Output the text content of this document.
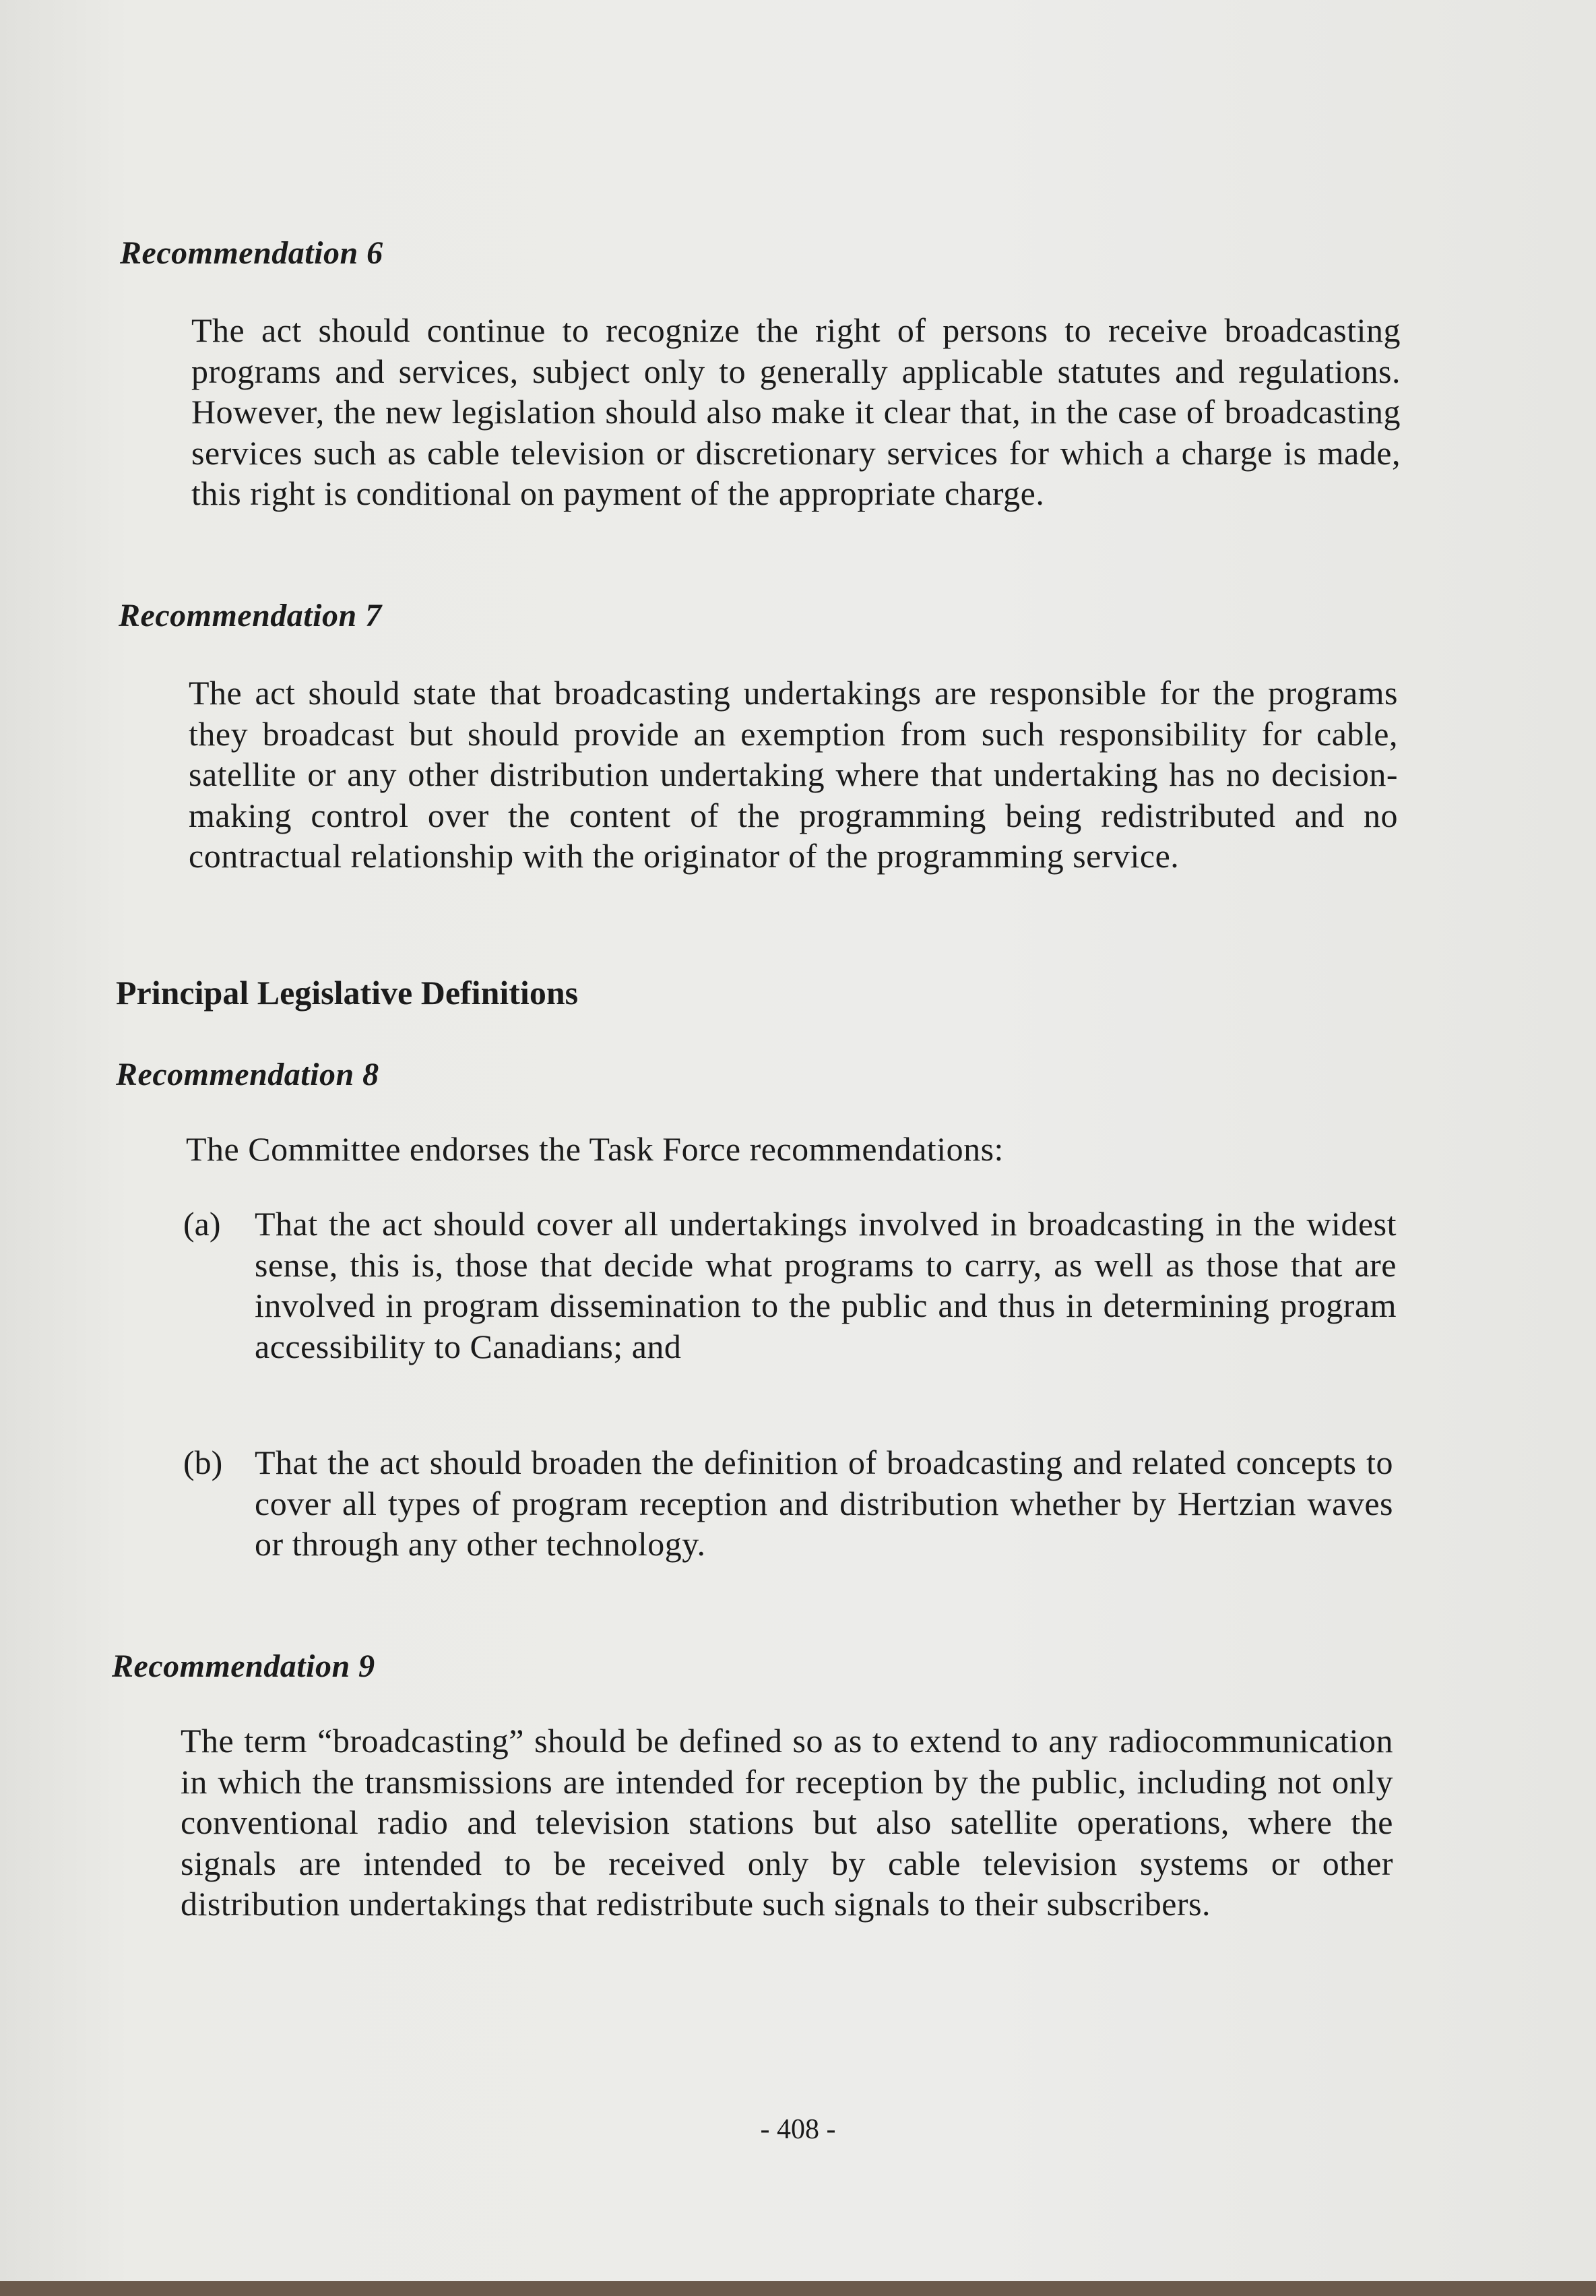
Recommendation 6
The act should continue to recognize the right of persons to receive broadcasting programs and services, subject only to generally applicable statutes and regulations. However, the new legislation should also make it clear that, in the case of broadcasting services such as cable television or discretionary services for which a charge is made, this right is conditional on payment of the appropriate charge.
Recommendation 7
The act should state that broadcasting undertakings are responsible for the programs they broadcast but should provide an exemption from such responsibility for cable, satellite or any other distribution undertaking where that undertaking has no decision-making control over the content of the programming being redistributed and no contractual relationship with the originator of the programming service.
Principal Legislative Definitions
Recommendation 8
The Committee endorses the Task Force recommendations:
(a) That the act should cover all undertakings involved in broadcasting in the widest sense, this is, those that decide what programs to carry, as well as those that are involved in program dissemination to the public and thus in determining program accessibility to Canadians; and
(b) That the act should broaden the definition of broadcasting and related concepts to cover all types of program reception and distribution whether by Hertzian waves or through any other technology.
Recommendation 9
The term “broadcasting” should be defined so as to extend to any radiocommunication in which the transmissions are intended for reception by the public, including not only conventional radio and television stations but also satellite operations, where the signals are intended to be received only by cable television systems or other distribution undertakings that redistribute such signals to their subscribers.
- 408 -
